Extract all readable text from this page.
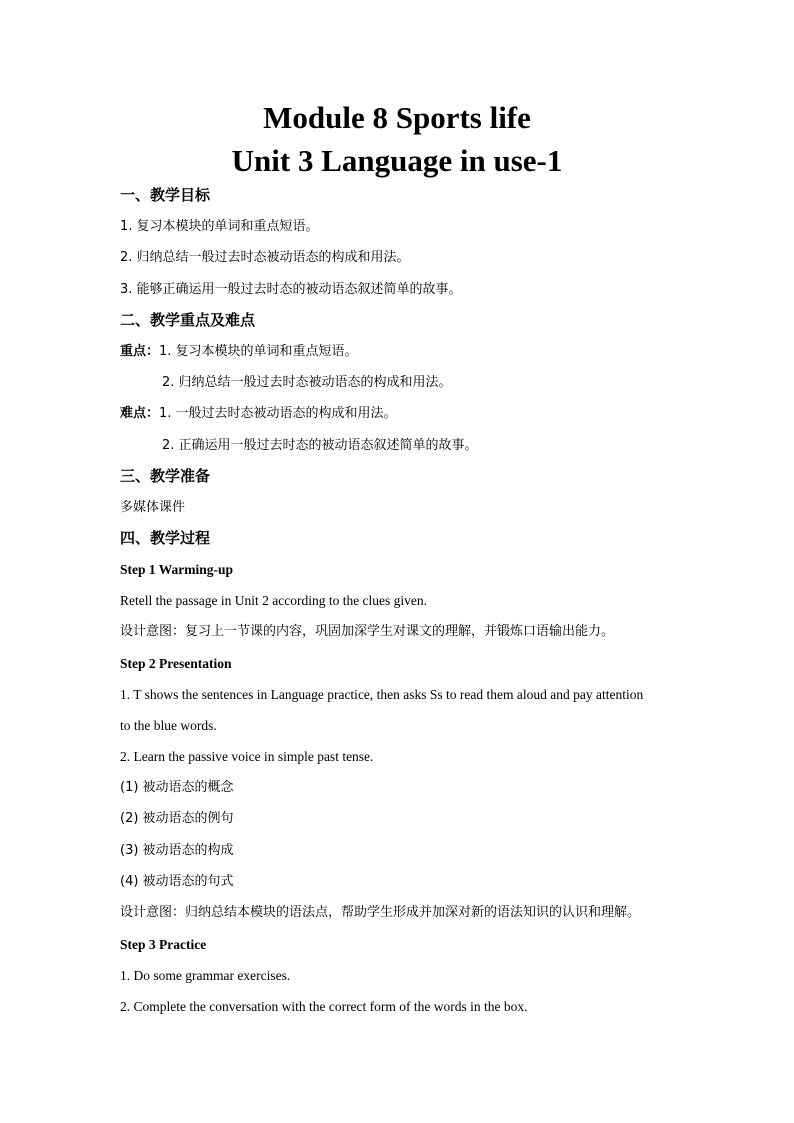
Module 8 Sports life
Unit 3 Language in use-1
一、教学目标
1. 复习本模块的单词和重点短语。
2. 归纳总结一般过去时态被动语态的构成和用法。
3. 能够正确运用一般过去时态的被动语态叙述简单的故事。
二、教学重点及难点
重点：1. 复习本模块的单词和重点短语。
2. 归纳总结一般过去时态被动语态的构成和用法。
难点：1. 一般过去时态被动语态的构成和用法。
2. 正确运用一般过去时态的被动语态叙述简单的故事。
三、教学准备
多媒体课件
四、教学过程
Step 1 Warming-up
Retell the passage in Unit 2 according to the clues given.
设计意图：复习上一节课的内容，巩固加深学生对课文的理解，并锻炼口语输出能力。
Step 2 Presentation
1. T shows the sentences in Language practice, then asks Ss to read them aloud and pay attention
to the blue words.
2. Learn the passive voice in simple past tense.
(1) 被动语态的概念
(2) 被动语态的例句
(3) 被动语态的构成
(4) 被动语态的句式
设计意图：归纳总结本模块的语法点，帮助学生形成并加深对新的语法知识的认识和理解。
Step 3 Practice
1. Do some grammar exercises.
2. Complete the conversation with the correct form of the words in the box.
